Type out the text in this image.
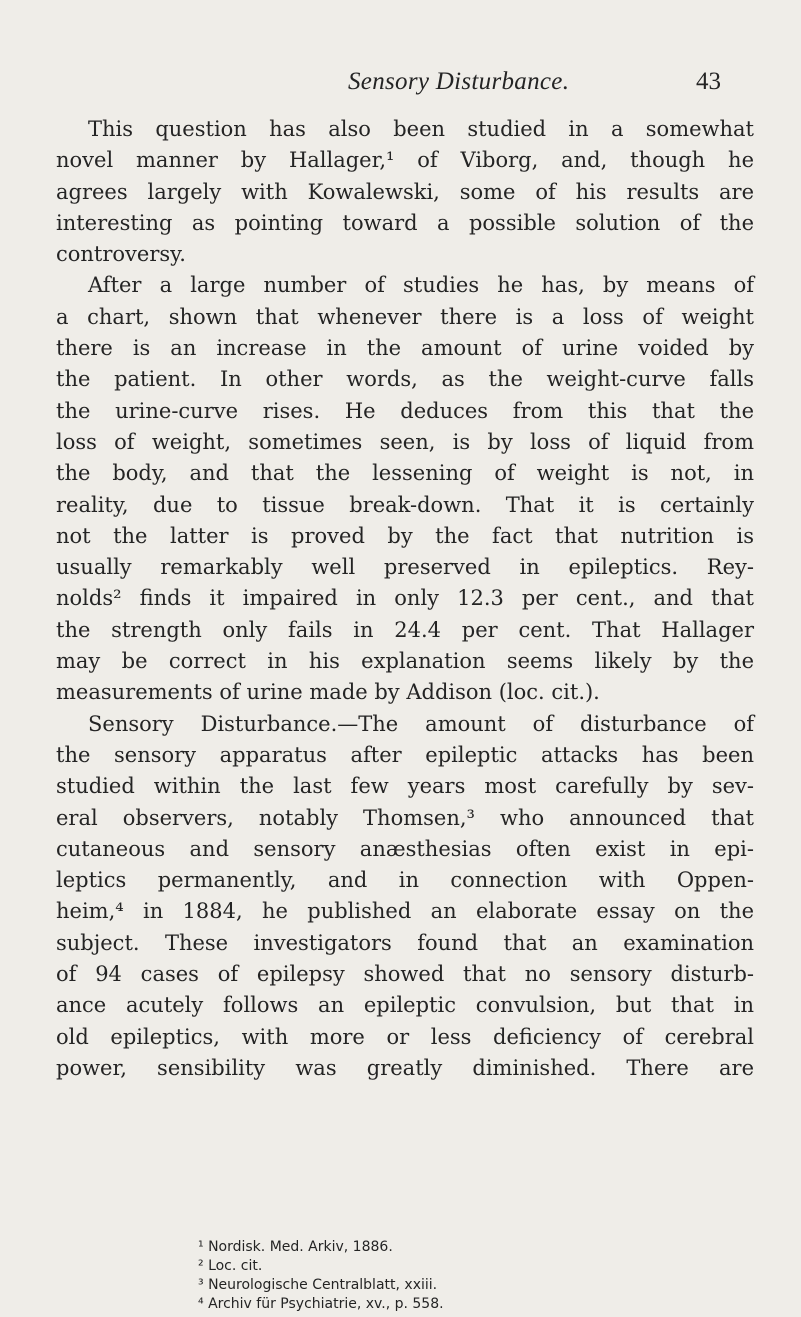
Sensory Disturbance.	43
This question has also been studied in a somewhat
novel manner by Hallager,¹ of Viborg, and, though he
agrees largely with Kowalewski, some of his results are
interesting as pointing toward a possible solution of the
controversy.
After a large number of studies he has, by means of
a chart, shown that whenever there is a loss of weight
there is an increase in the amount of urine voided by
the patient. In other words, as the weight-curve falls
the urine-curve rises. He deduces from this that the
loss of weight, sometimes seen, is by loss of liquid from
the body, and that the lessening of weight is not, in
reality, due to tissue break-down. That it is certainly
not the latter is proved by the fact that nutrition is
usually remarkably well preserved in epileptics. Rey-
nolds² finds it impaired in only 12.3 per cent., and that
the strength only fails in 24.4 per cent. That Hallager
may be correct in his explanation seems likely by the
measurements of urine made by Addison (loc. cit.).
Sensory Disturbance.—The amount of disturbance of
the sensory apparatus after epileptic attacks has been
studied within the last few years most carefully by sev-
eral observers, notably Thomsen,³ who announced that
cutaneous and sensory anæsthesias often exist in epi-
leptics permanently, and in connection with Oppen-
heim,⁴ in 1884, he published an elaborate essay on the
subject. These investigators found that an examination
of 94 cases of epilepsy showed that no sensory disturb-
ance acutely follows an epileptic convulsion, but that in
old epileptics, with more or less deficiency of cerebral
power, sensibility was greatly diminished. There are
¹ Nordisk. Med. Arkiv, 1886.
² Loc. cit.
³ Neurologische Centralblatt, xxiii.
⁴ Archiv für Psychiatrie, xv., p. 558.
